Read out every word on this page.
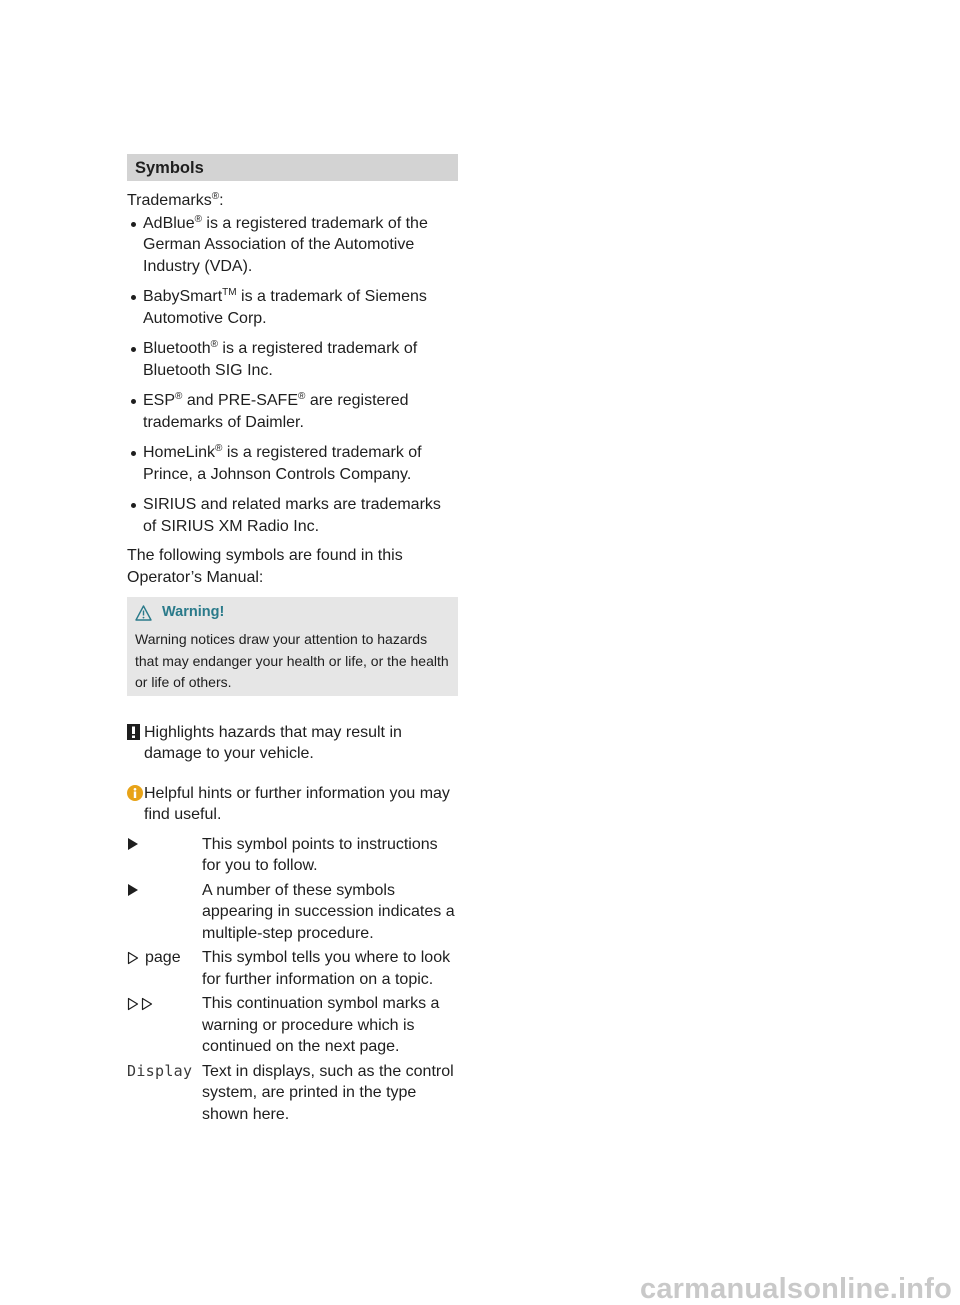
Symbols
Trademarks®:
AdBlue® is a registered trademark of the German Association of the Automotive Industry (VDA).
BabySmart™ is a trademark of Siemens Automotive Corp.
Bluetooth® is a registered trademark of Bluetooth SIG Inc.
ESP® and PRE-SAFE® are registered trademarks of Daimler.
HomeLink® is a registered trademark of Prince, a Johnson Controls Company.
SIRIUS and related marks are trademarks of SIRIUS XM Radio Inc.
The following symbols are found in this Operator’s Manual:
Warning!
Warning notices draw your attention to hazards that may endanger your health or life, or the health or life of others.
Highlights hazards that may result in damage to your vehicle.
Helpful hints or further information you may find useful.
This symbol points to instructions for you to follow.
A number of these symbols appearing in succession indicates a multiple-step procedure.
page This symbol tells you where to look for further information on a topic.
This continuation symbol marks a warning or procedure which is continued on the next page.
Display Text in displays, such as the control system, are printed in the type shown here.
carmanualsonline.info
